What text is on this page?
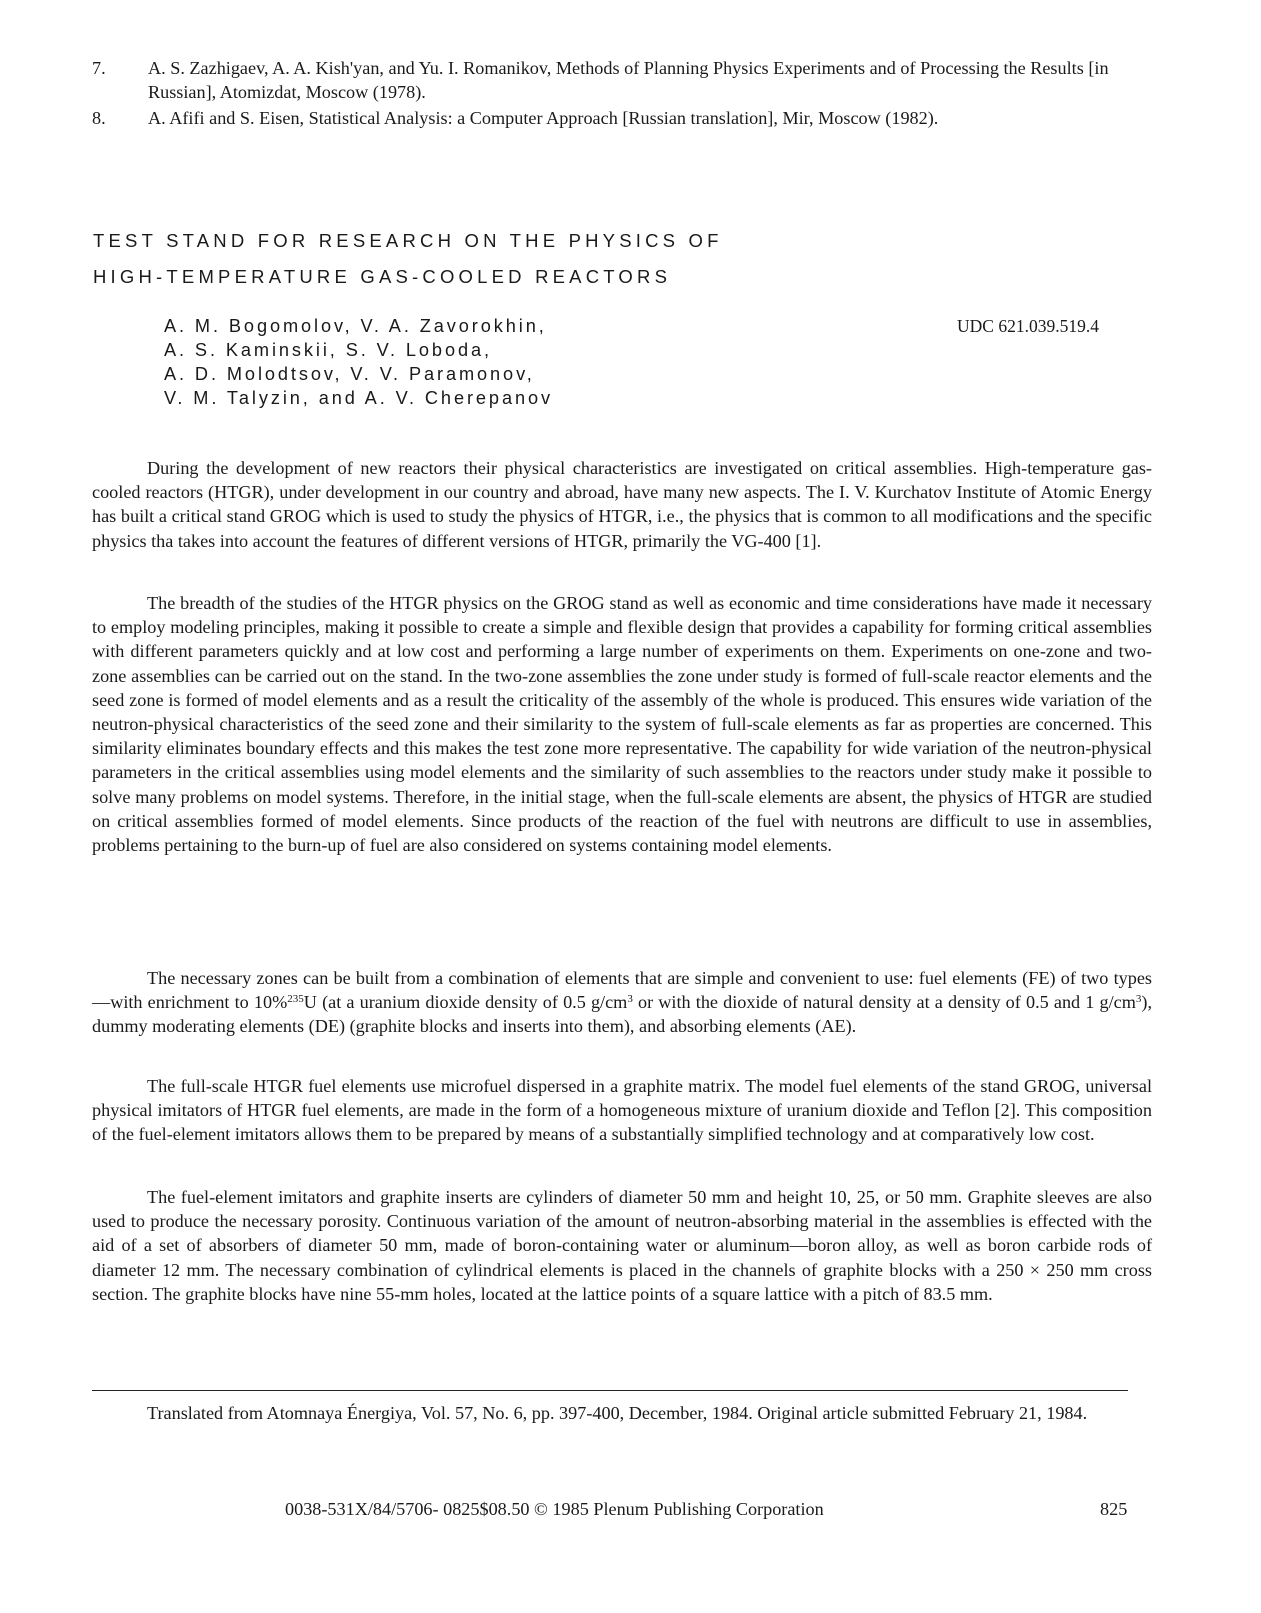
7. A. S. Zazhigaev, A. A. Kish'yan, and Yu. I. Romanikov, Methods of Planning Physics Experiments and of Processing the Results [in Russian], Atomizdat, Moscow (1978).
8. A. Afifi and S. Eisen, Statistical Analysis: a Computer Approach [Russian translation], Mir, Moscow (1982).
TEST STAND FOR RESEARCH ON THE PHYSICS OF
HIGH-TEMPERATURE GAS-COOLED REACTORS
A. M. Bogomolov, V. A. Zavorokhin,
A. S. Kaminskii, S. V. Loboda,
A. D. Molodtsov, V. V. Paramonov,
V. M. Talyzin, and A. V. Cherepanov
UDC 621.039.519.4
During the development of new reactors their physical characteristics are investigated on critical assemblies. High-temperature gas-cooled reactors (HTGR), under development in our country and abroad, have many new aspects. The I. V. Kurchatov Institute of Atomic Energy has built a critical stand GROG which is used to study the physics of HTGR, i.e., the physics that is common to all modifications and the specific physics tha takes into account the features of different versions of HTGR, primarily the VG-400 [1].
The breadth of the studies of the HTGR physics on the GROG stand as well as economic and time considerations have made it necessary to employ modeling principles, making it possible to create a simple and flexible design that provides a capability for forming critical assemblies with different parameters quickly and at low cost and performing a large number of experiments on them. Experiments on one-zone and two-zone assemblies can be carried out on the stand. In the two-zone assemblies the zone under study is formed of full-scale reactor elements and the seed zone is formed of model elements and as a result the criticality of the assembly of the whole is produced. This ensures wide variation of the neutron-physical characteristics of the seed zone and their similarity to the system of full-scale elements as far as properties are concerned. This similarity eliminates boundary effects and this makes the test zone more representative. The capability for wide variation of the neutron-physical parameters in the critical assemblies using model elements and the similarity of such assemblies to the reactors under study make it possible to solve many problems on model systems. Therefore, in the initial stage, when the full-scale elements are absent, the physics of HTGR are studied on critical assemblies formed of model elements. Since products of the reaction of the fuel with neutrons are difficult to use in assemblies, problems pertaining to the burn-up of fuel are also considered on systems containing model elements.
The necessary zones can be built from a combination of elements that are simple and convenient to use: fuel elements (FE) of two types —with enrichment to 10%$^{235}$U (at a uranium dioxide density of 0.5 $g/cm^3$ or with the dioxide of natural density at a density of 0.5 and 1 $g/cm^3$), dummy moderating elements (DE) (graphite blocks and inserts into them), and absorbing elements (AE).
The full-scale HTGR fuel elements use microfuel dispersed in a graphite matrix. The model fuel elements of the stand GROG, universal physical imitators of HTGR fuel elements, are made in the form of a homogeneous mixture of uranium dioxide and Teflon [2]. This composition of the fuel-element imitators allows them to be prepared by means of a substantially simplified technology and at comparatively low cost.
The fuel-element imitators and graphite inserts are cylinders of diameter 50 mm and height 10, 25, or 50 mm. Graphite sleeves are also used to produce the necessary porosity. Continuous variation of the amount of neutron-absorbing material in the assemblies is effected with the aid of a set of absorbers of diameter 50 mm, made of boron-containing water or aluminum—boron alloy, as well as boron carbide rods of diameter 12 mm. The necessary combination of cylindrical elements is placed in the channels of graphite blocks with a 250 × 250 mm cross section. The graphite blocks have nine 55-mm holes, located at the lattice points of a square lattice with a pitch of 83.5 mm.
Translated from Atomnaya Énergiya, Vol. 57, No. 6, pp. 397-400, December, 1984. Original article submitted February 21, 1984.
0038-531X/84/5706- 0825$08.50 © 1985 Plenum Publishing Corporation	825
